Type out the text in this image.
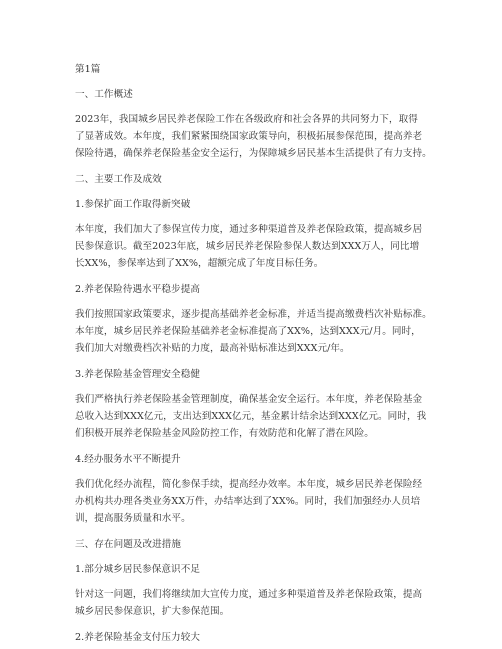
第1篇
一、工作概述
2023年，我国城乡居民养老保险工作在各级政府和社会各界的共同努力下，取得
了显著成效。本年度，我们紧紧围绕国家政策导向，积极拓展参保范围，提高养老
保险待遇，确保养老保险基金安全运行，为保障城乡居民基本生活提供了有力支持。
二、主要工作及成效
1.参保扩面工作取得新突破
本年度，我们加大了参保宣传力度，通过多种渠道普及养老保险政策，提高城乡居
民参保意识。截至2023年底，城乡居民养老保险参保人数达到XXX万人，同比增
长XX%，参保率达到了XX%，超额完成了年度目标任务。
2.养老保险待遇水平稳步提高
我们按照国家政策要求，逐步提高基础养老金标准，并适当提高缴费档次补贴标准。
本年度，城乡居民养老保险基础养老金标准提高了XX%，达到XXX元/月。同时，
我们加大对缴费档次补贴的力度，最高补贴标准达到XXX元/年。
3.养老保险基金管理安全稳健
我们严格执行养老保险基金管理制度，确保基金安全运行。本年度，养老保险基金
总收入达到XXX亿元，支出达到XXX亿元，基金累计结余达到XXX亿元。同时，我
们积极开展养老保险基金风险防控工作，有效防范和化解了潜在风险。
4.经办服务水平不断提升
我们优化经办流程，简化参保手续，提高经办效率。本年度，城乡居民养老保险经
办机构共办理各类业务XX万件，办结率达到了XX%。同时，我们加强经办人员培
训，提高服务质量和水平。
三、存在问题及改进措施
1.部分城乡居民参保意识不足
针对这一问题，我们将继续加大宣传力度，通过多种渠道普及养老保险政策，提高
城乡居民参保意识，扩大参保范围。
2.养老保险基金支付压力较大
